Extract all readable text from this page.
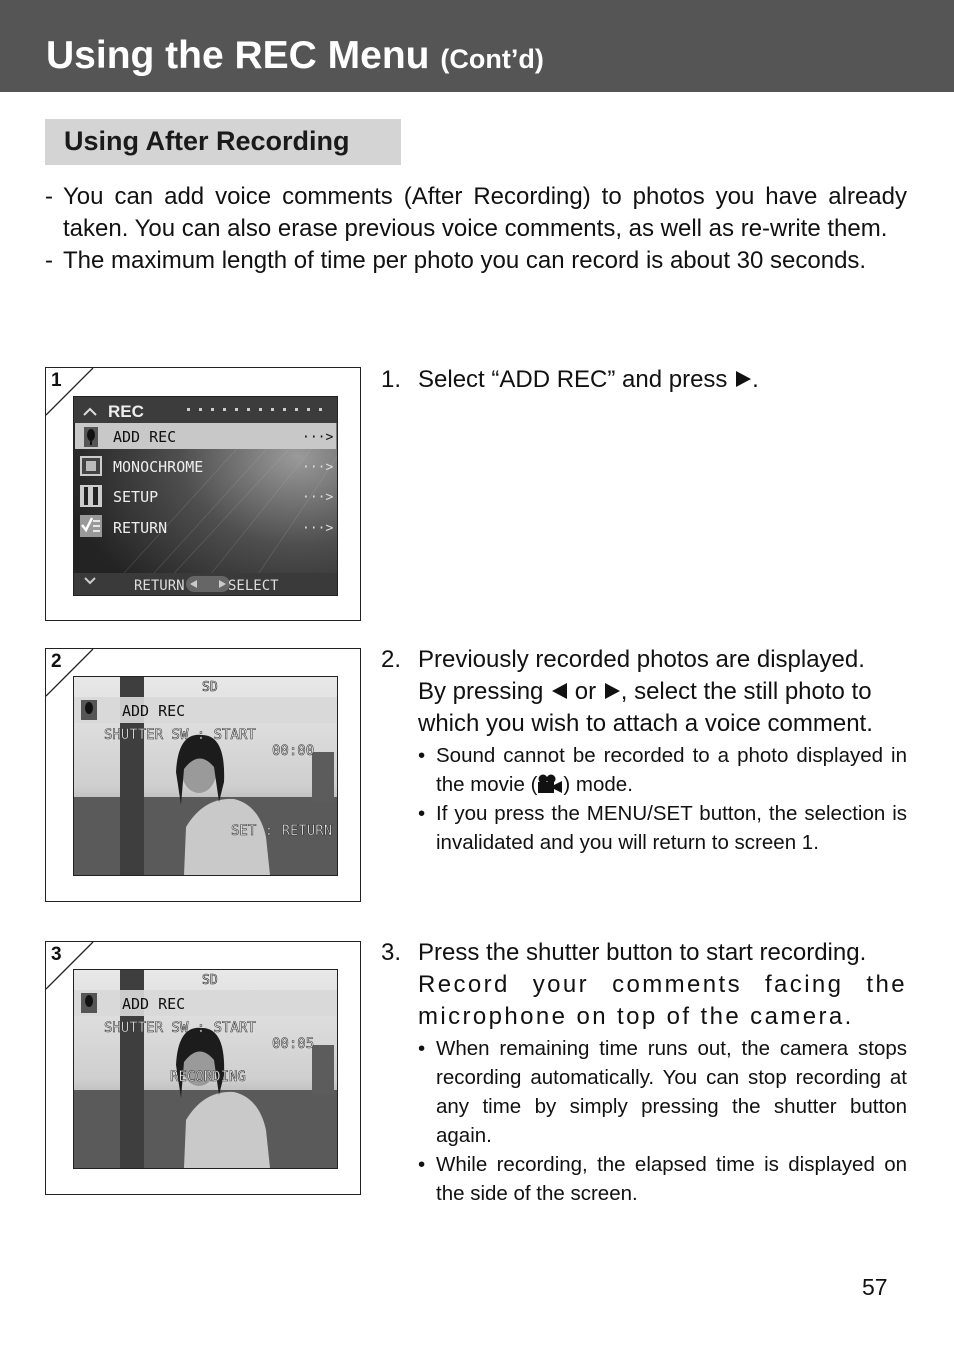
Using the REC Menu (Cont’d)
Using After Recording
- You can add voice comments (After Recording) to photos you have already taken. You can also erase previous voice comments, as well as re-write them.
- The maximum length of time per photo you can record is about 30 seconds.
1
REC
ADD REC	···>
MONOCHROME	···>
SETUP	···>
RETURN	···>
RETURN	SELECT
2
SD
ADD REC
SHUTTER SW : START
00:00
SET : RETURN
3
SD
ADD REC
SHUTTER SW : START
00:05
RECORDING
1. Select “ADD REC” and press .
2. Previously recorded photos are displayed.
By pressing  or , select the still photo to
which you wish to attach a voice comment.
• Sound cannot be recorded to a photo displayed in the movie ( ) mode.
• If you press the MENU/SET button, the selection is invalidated and you will return to screen 1.
3. Press the shutter button to start recording.
Record your comments facing the microphone on top of the camera.
• When remaining time runs out, the camera stops recording automatically. You can stop recording at any time by simply pressing the shutter button again.
• While recording, the elapsed time is displayed on the side of the screen.
57
